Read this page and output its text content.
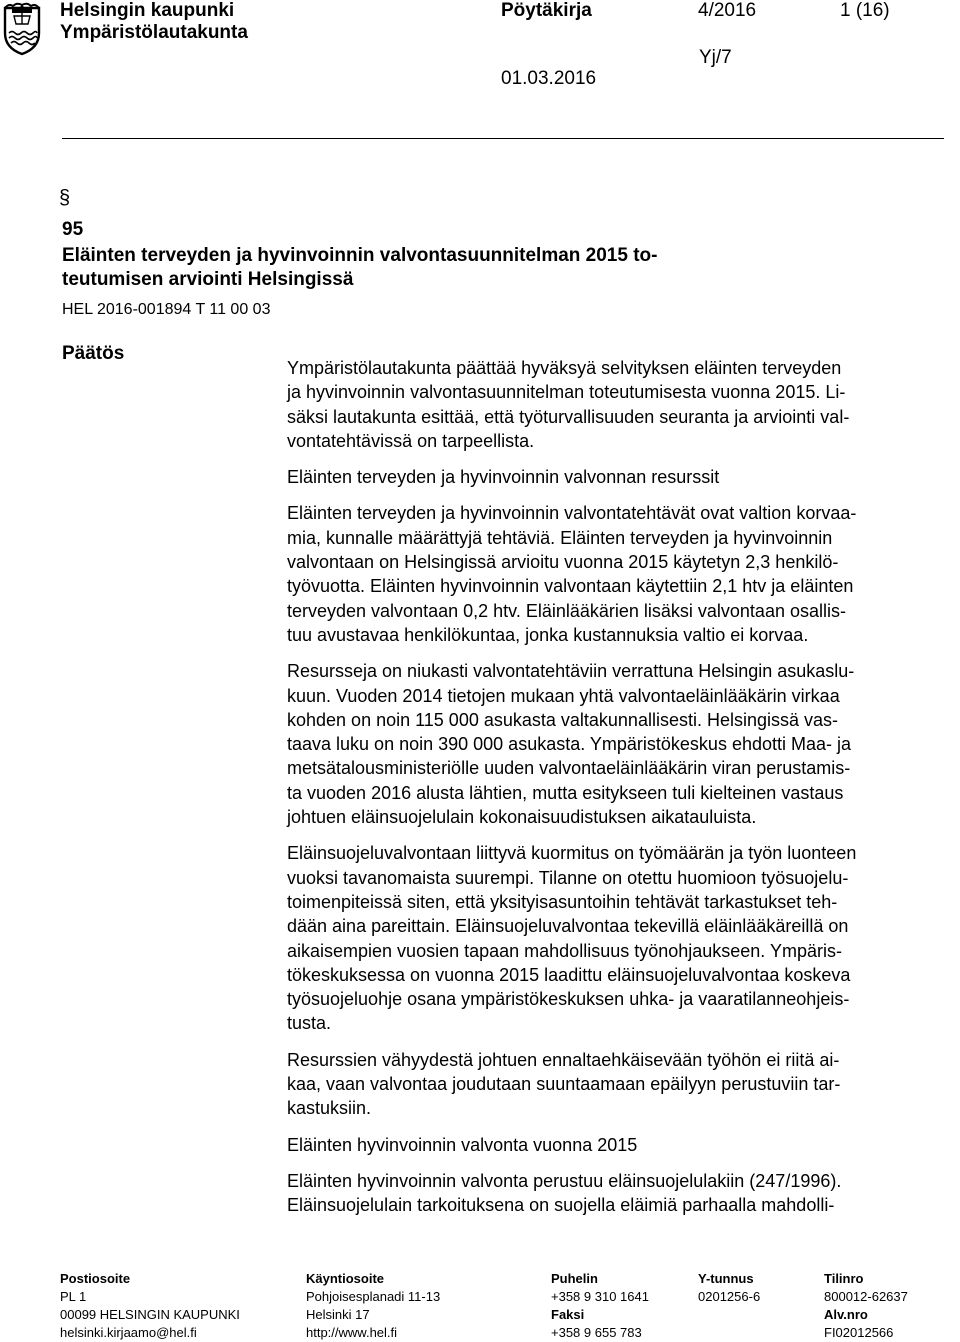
Helsingin kaupunki
Ympäristölautakunta
Pöytäkirja	4/2016	1 (16)
Yj/7
01.03.2016
§
95
Eläinten terveyden ja hyvinvoinnin valvontasuunnitelman 2015 to-
teutumisen arviointi Helsingissä
HEL 2016-001894 T 11 00 03
Päätös

Ympäristölautakunta päättää hyväksyä selvityksen eläinten terveyden
ja hyvinvoinnin valvontasuunnitelman toteutumisesta vuonna 2015. Li-
säksi lautakunta esittää, että työturvallisuuden seuranta ja arviointi val-
vontatehtävissä on tarpeellista.

Eläinten terveyden ja hyvinvoinnin valvonnan resurssit

Eläinten terveyden ja hyvinvoinnin valvontatehtävät ovat valtion korvaa-
mia, kunnalle määrättyjä tehtäviä. Eläinten terveyden ja hyvinvoinnin
valvontaan on Helsingissä arvioitu vuonna 2015 käytetyn 2,3 henkilö-
työvuotta. Eläinten hyvinvoinnin valvontaan käytettiin 2,1 htv ja eläinten
terveyden valvontaan 0,2 htv. Eläinlääkärien lisäksi valvontaan osallis-
tuu avustavaa henkilökuntaa, jonka kustannuksia valtio ei korvaa.

Resursseja on niukasti valvontatehtäviin verrattuna Helsingin asukaslu-
kuun. Vuoden 2014 tietojen mukaan yhtä valvontaeläinlääkärin virkaa
kohden on noin 115 000 asukasta valtakunnallisesti. Helsingissä vas-
taava luku on noin 390 000 asukasta. Ympäristökeskus ehdotti Maa- ja
metsätalousministeriölle uuden valvontaeläinlääkärin viran perustamis-
ta vuoden 2016 alusta lähtien, mutta esitykseen tuli kielteinen vastaus
johtuen eläinsuojelulain kokonaisuudistuksen aikatauluista.

Eläinsuojeluvalvontaan liittyvä kuormitus on työmäärän ja työn luonteen
vuoksi tavanomaista suurempi. Tilanne on otettu huomioon työsuojelu-
toimenpiteissä siten, että yksityisasuntoihin tehtävät tarkastukset teh-
dään aina pareittain. Eläinsuojeluvalvontaa tekevillä eläinlääkäreillä on
aikaisempien vuosien tapaan mahdollisuus työnohjaukseen. Ympäris-
tökeskuksessa on vuonna 2015 laadittu eläinsuojeluvalvontaa koskeva
työsuojeluohje osana ympäristökeskuksen uhka- ja vaaratilanneohjeis-
tusta.

Resurssien vähyydestä johtuen ennaltaehkäisevään työhön ei riitä ai-
kaa, vaan valvontaa joudutaan suuntaamaan epäilyyn perustuviin tar-
kastuksiin.

Eläinten hyvinvoinnin valvonta vuonna 2015

Eläinten hyvinvoinnin valvonta perustuu eläinsuojelulakiin (247/1996).
Eläinsuojelulain tarkoituksena on suojella eläimiä parhaalla mahdolli-

Postiosoite
PL 1
00099 HELSINGIN KAUPUNKI
helsinki.kirjaamo@hel.fi
Käyntiosoite
Pohjoisesplanadi 11-13
Helsinki 17
http://www.hel.fi
Puhelin
+358 9 310 1641
Faksi
+358 9 655 783
Y-tunnus
0201256-6
Tilinro
800012-62637
Alv.nro
FI02012566
